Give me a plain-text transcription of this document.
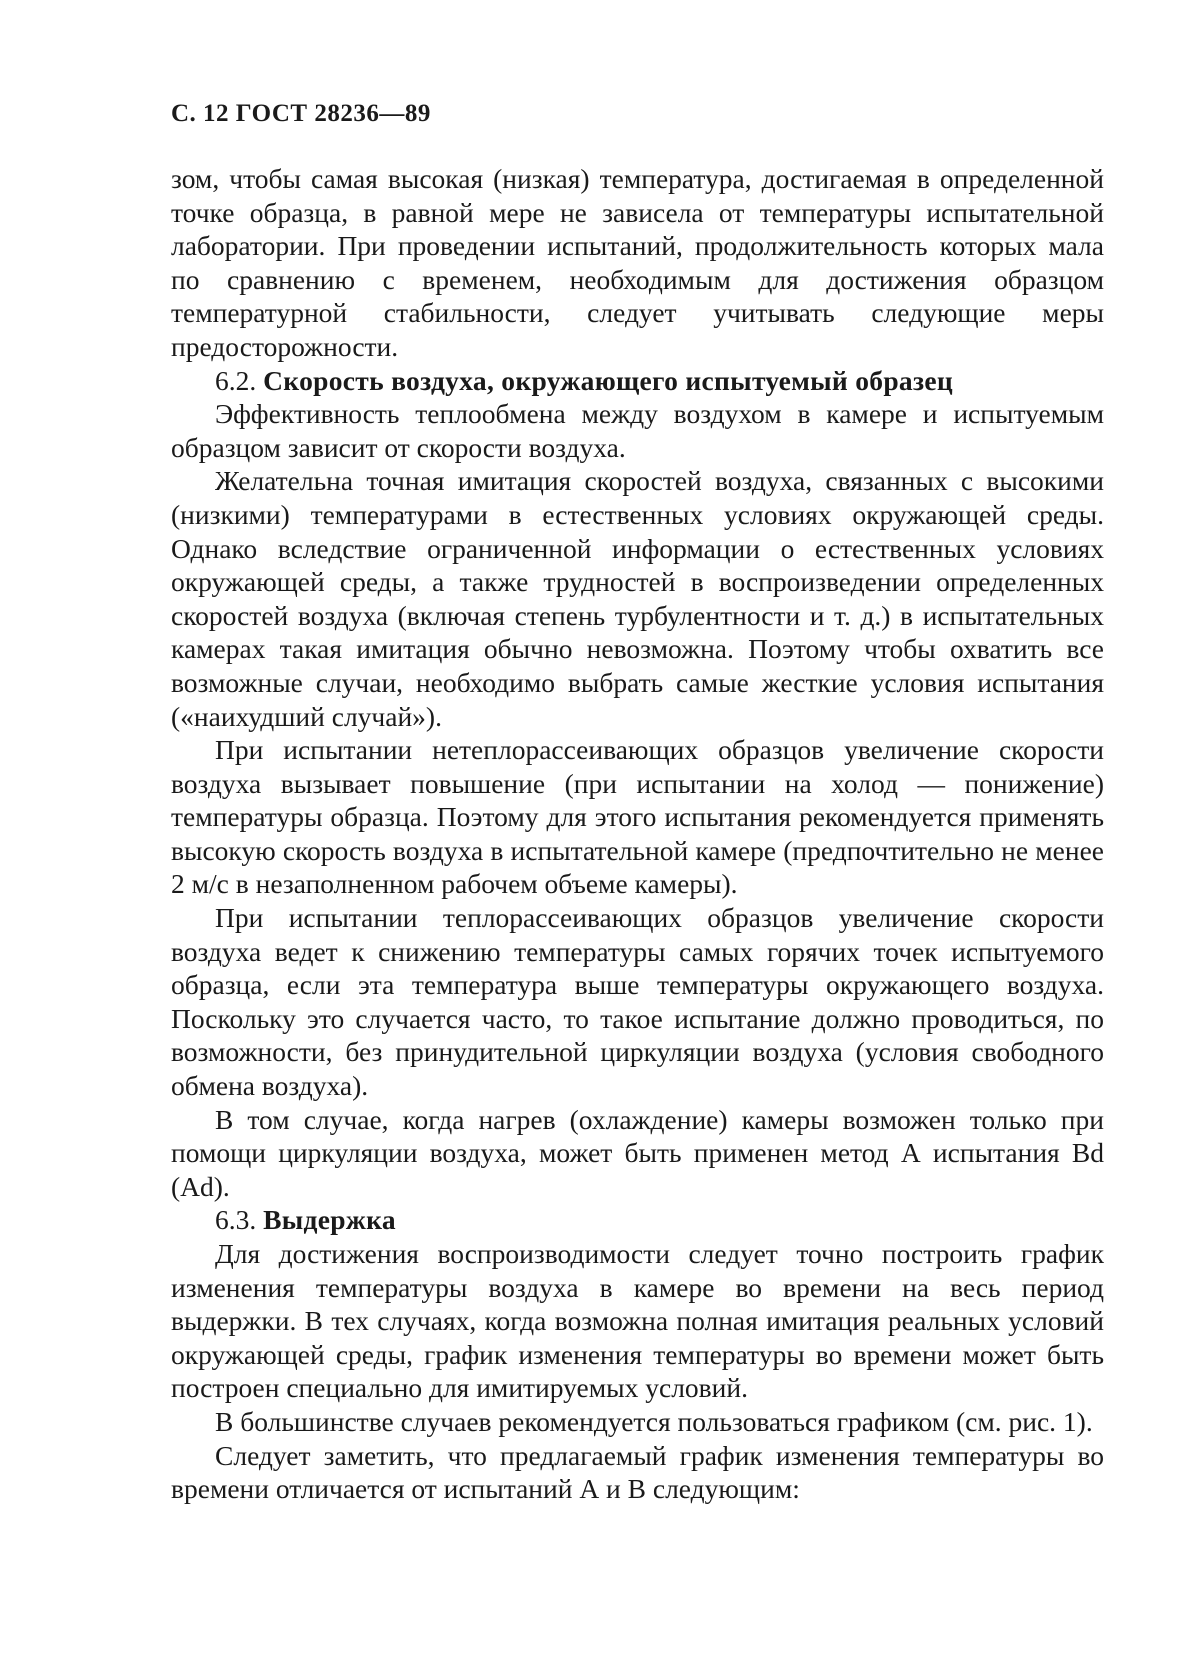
С. 12 ГОСТ 28236—89

зом, чтобы самая высокая (низкая) температура, достигаемая в определенной точке образца, в равной мере не зависела от температуры испытательной лаборатории. При проведении испытаний, продолжительность которых мала по сравнению с временем, необходимым для достижения образцом температурной стабильности, следует учитывать следующие меры предосторожности.

6.2. Скорость воздуха, окружающего испытуемый образец

Эффективность теплообмена между воздухом в камере и испытуемым образцом зависит от скорости воздуха.

Желательна точная имитация скоростей воздуха, связанных с высокими (низкими) температурами в естественных условиях окружающей среды. Однако вследствие ограниченной информации о естественных условиях окружающей среды, а также трудностей в воспроизведении определенных скоростей воздуха (включая степень турбулентности и т. д.) в испытательных камерах такая имитация обычно невозможна. Поэтому чтобы охватить все возможные случаи, необходимо выбрать самые жесткие условия испытания («наихудший случай»).

При испытании нетеплорассеивающих образцов увеличение скорости воздуха вызывает повышение (при испытании на холод — понижение) температуры образца. Поэтому для этого испытания рекомендуется применять высокую скорость воздуха в испытательной камере (предпочтительно не менее 2 м/с в незаполненном рабочем объеме камеры).

При испытании теплорассеивающих образцов увеличение скорости воздуха ведет к снижению температуры самых горячих точек испытуемого образца, если эта температура выше температуры окружающего воздуха. Поскольку это случается часто, то такое испытание должно проводиться, по возможности, без принудительной циркуляции воздуха (условия свободного обмена воздуха).

В том случае, когда нагрев (охлаждение) камеры возможен только при помощи циркуляции воздуха, может быть применен метод А испытания Bd (Ad).

6.3. Выдержка

Для достижения воспроизводимости следует точно построить график изменения температуры воздуха в камере во времени на весь период выдержки. В тех случаях, когда возможна полная имитация реальных условий окружающей среды, график изменения температуры во времени может быть построен специально для имитируемых условий.

В большинстве случаев рекомендуется пользоваться графиком (см. рис. 1).

Следует заметить, что предлагаемый график изменения температуры во времени отличается от испытаний А и В следующим:
